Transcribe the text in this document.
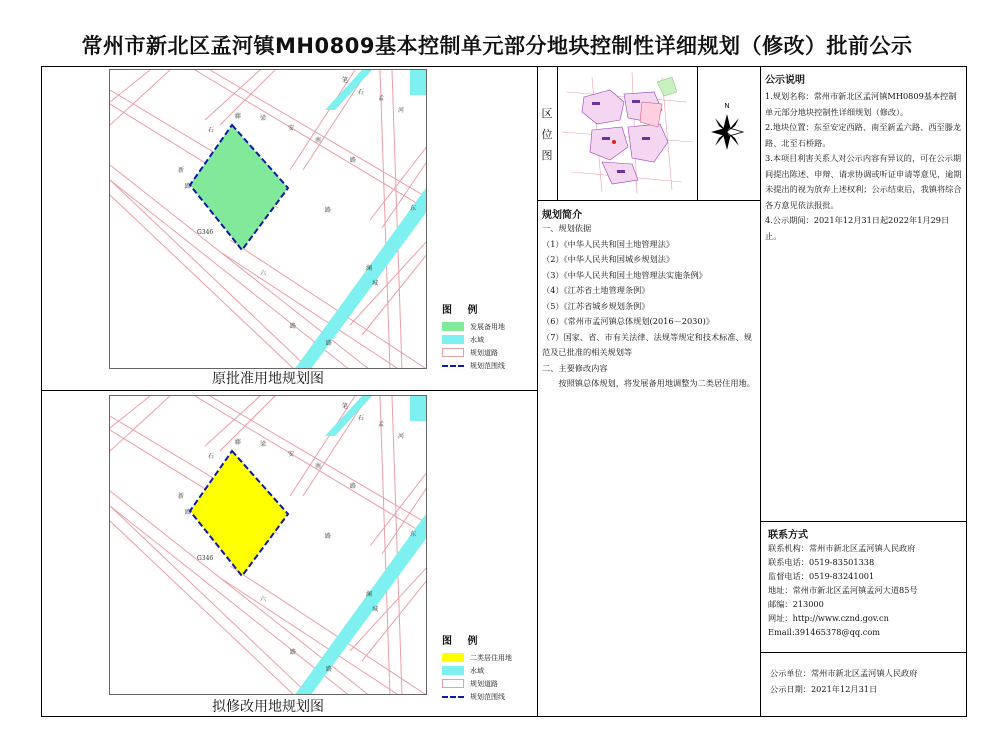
常州市新北区孟河镇MH0809基本控制单元部分地块控制性详细规划（修改）批前公示
笔
石
孟
河
石
藤	梁
安
南
路
新
路
东
路
G346
六
路
澜
城
路
图 例
发展备用地
水域
规划道路
规划范围线
原批准用地规划图
笔
石
孟
河
石
藤	梁
安
南
路
新
路
东
路
G346
六
路
澜
城
路
图 例
二类居住用地
水域
规划道路
规划范围线
拟修改用地规划图
区
位
图
N
规划简介
一、规划依据
（1）《中华人民共和国土地管理法》
（2）《中华人民共和国城乡规划法》
（3）《中华人民共和国土地管理法实施条例》
（4）《江苏省土地管理条例》
（5）《江苏省城乡规划条例》
（6）《常州市孟河镇总体规划(2016－2030)》
（7）国家、省、市有关法律、法规等规定和技术标准、规范及已批准的相关规划等
二、主要修改内容
按照镇总体规划，将发展备用地调整为二类居住用地。
公示说明
1.规划名称：常州市新北区孟河镇MH0809基本控制单元部分地块控制性详细规划（修改）。
2.地块位置：东至安定西路、南至新孟六路、西至滕龙路、北至石桥路。
3.本项目利害关系人对公示内容有异议的，可在公示期间提出陈述、申辩、请求协调或听证申请等意见，逾期未提出的视为放弃上述权利；公示结束后，我镇将综合各方意见依法报批。
4.公示期间：2021年12月31日起2022年1月29日止。
联系方式
联系机构：常州市新北区孟河镇人民政府
联系电话：0519-83501338
监督电话：0519-83241001
地址：常州市新北区孟河镇孟河大道85号
邮编：213000
网址：http://www.cznd.gov.cn
Email:391465378@qq.com
公示单位：常州市新北区孟河镇人民政府
公示日期：2021年12月31日
